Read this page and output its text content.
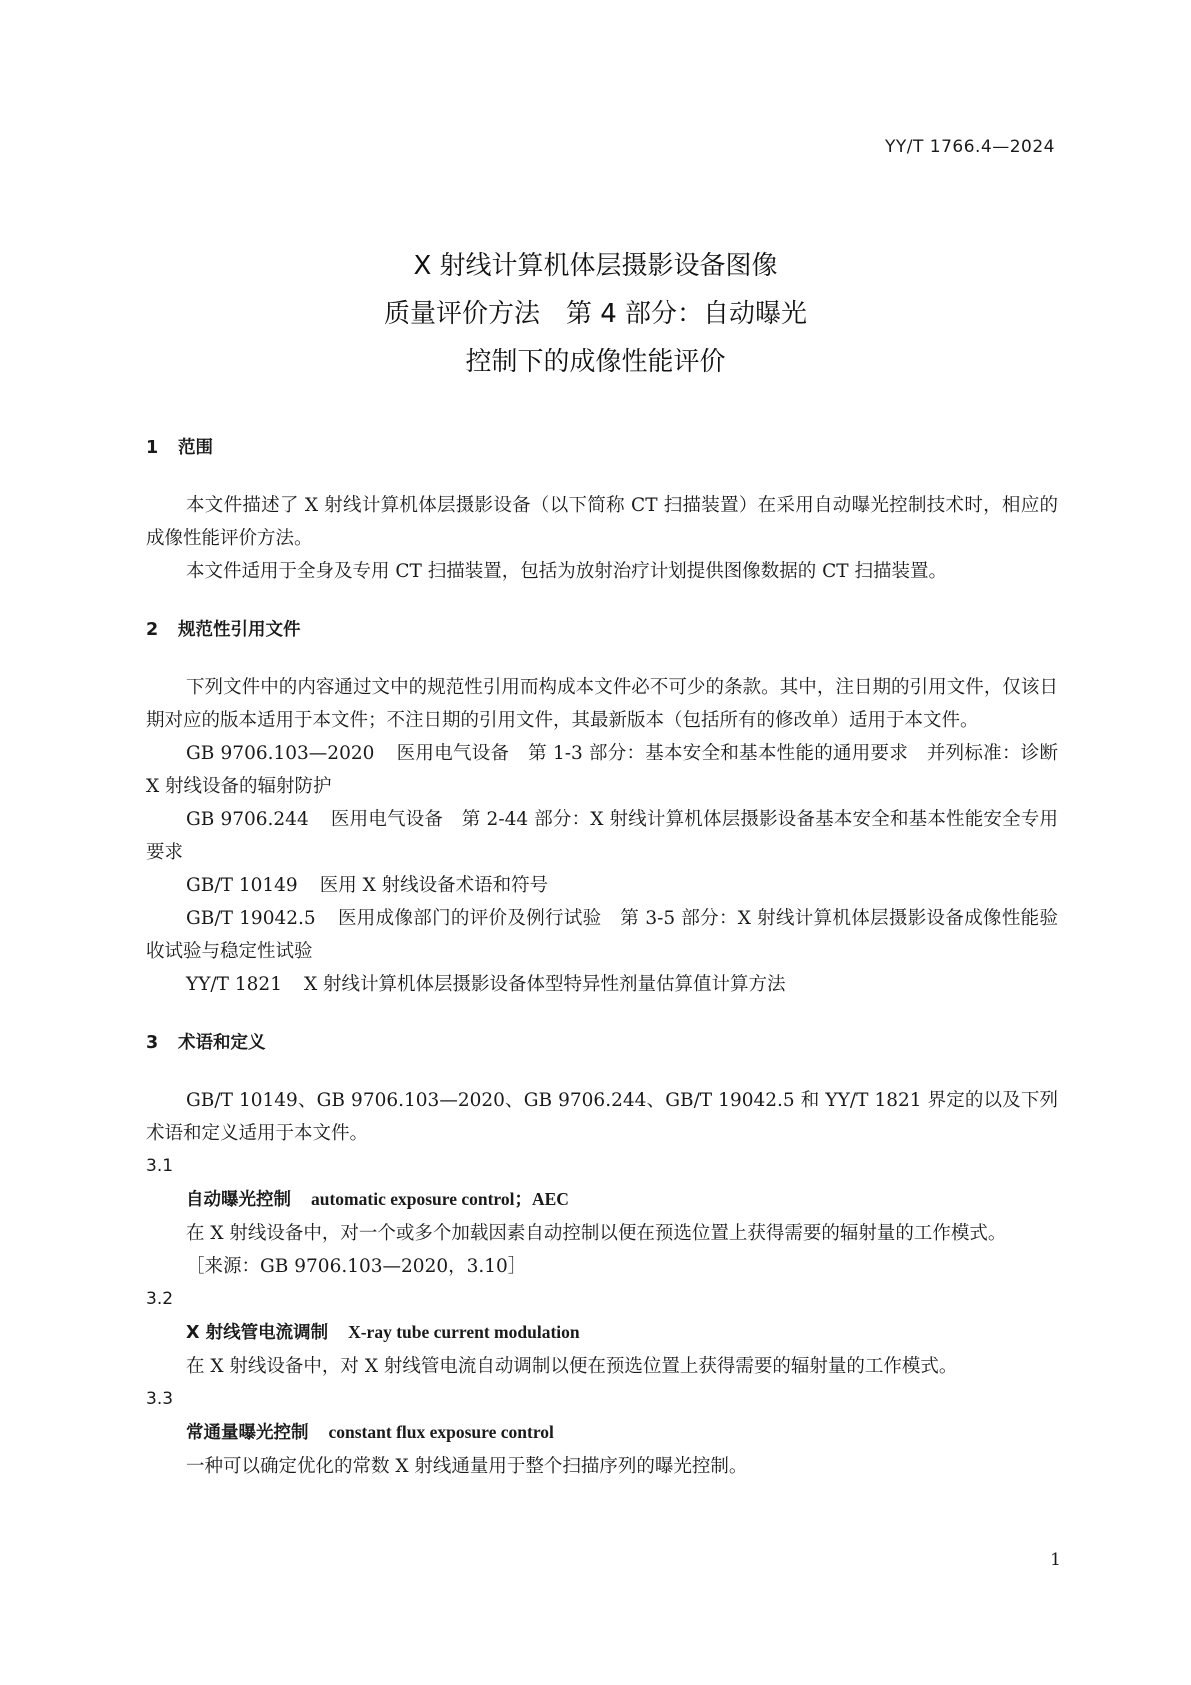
YY/T 1766.4—2024
X 射线计算机体层摄影设备图像
质量评价方法　第 4 部分：自动曝光
控制下的成像性能评价
1 范围

本文件描述了 X 射线计算机体层摄影设备（以下简称 CT 扫描装置）在采用自动曝光控制技术时，相应的成像性能评价方法。

本文件适用于全身及专用 CT 扫描装置，包括为放射治疗计划提供图像数据的 CT 扫描装置。

2 规范性引用文件

下列文件中的内容通过文中的规范性引用而构成本文件必不可少的条款。其中，注日期的引用文件，仅该日期对应的版本适用于本文件；不注日期的引用文件，其最新版本（包括所有的修改单）适用于本文件。

GB 9706.103—2020 医用电气设备　第 1-3 部分：基本安全和基本性能的通用要求　并列标准：诊断 X 射线设备的辐射防护

GB 9706.244 医用电气设备　第 2-44 部分：X 射线计算机体层摄影设备基本安全和基本性能安全专用要求

GB/T 10149 医用 X 射线设备术语和符号

GB/T 19042.5 医用成像部门的评价及例行试验　第 3-5 部分：X 射线计算机体层摄影设备成像性能验收试验与稳定性试验

YY/T 1821 X 射线计算机体层摄影设备体型特异性剂量估算值计算方法

3 术语和定义

GB/T 10149、GB 9706.103—2020、GB 9706.244、GB/T 19042.5 和 YY/T 1821 界定的以及下列术语和定义适用于本文件。

3.1

自动曝光控制 automatic exposure control；AEC

在 X 射线设备中，对一个或多个加载因素自动控制以便在预选位置上获得需要的辐射量的工作模式。

［来源：GB 9706.103—2020，3.10］

3.2

X 射线管电流调制 X-ray tube current modulation

在 X 射线设备中，对 X 射线管电流自动调制以便在预选位置上获得需要的辐射量的工作模式。

3.3

常通量曝光控制 constant flux exposure control

一种可以确定优化的常数 X 射线通量用于整个扫描序列的曝光控制。

1
